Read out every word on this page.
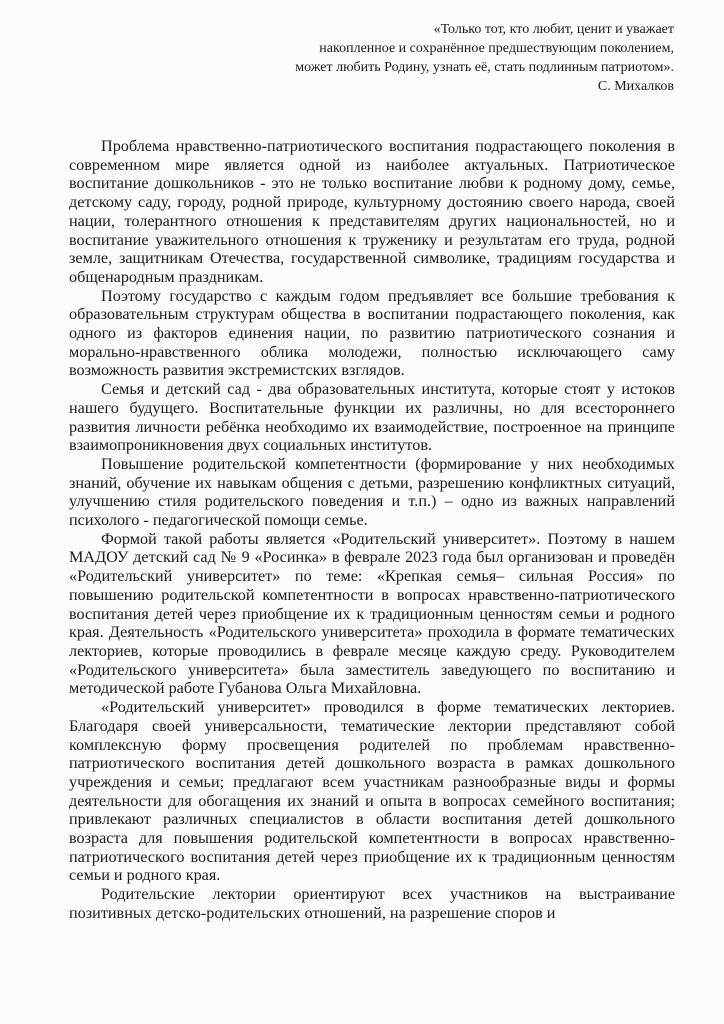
«Только тот, кто любит, ценит и уважает
накопленное и сохранённое предшествующим поколением,
может любить Родину, узнать её, стать подлинным патриотом».
С. Михалков

Проблема нравственно-патриотического воспитания подрастающего поколения в современном мире является одной из наиболее актуальных. Патриотическое воспитание дошкольников - это не только воспитание любви к родному дому, семье, детскому саду, городу, родной природе, культурному достоянию своего народа, своей нации, толерантного отношения к представителям других национальностей, но и воспитание уважительного отношения к труженику и результатам его труда, родной земле, защитникам Отечества, государственной символике, традициям государства и общенародным праздникам.

Поэтому государство с каждым годом предъявляет все большие требования к образовательным структурам общества в воспитании подрастающего поколения, как одного из факторов единения нации, по развитию патриотического сознания и морально-нравственного облика молодежи, полностью исключающего саму возможность развития экстремистских взглядов.

Семья и детский сад - два образовательных института, которые стоят у истоков нашего будущего. Воспитательные функции их различны, но для всестороннего развития личности ребёнка необходимо их взаимодействие, построенное на принципе взаимопроникновения двух социальных институтов.

Повышение родительской компетентности (формирование у них необходимых знаний, обучение их навыкам общения с детьми, разрешению конфликтных ситуаций, улучшению стиля родительского поведения и т.п.) – одно из важных направлений психолого - педагогической помощи семье.

Формой такой работы является «Родительский университет». Поэтому в нашем МАДОУ детский сад № 9 «Росинка» в феврале 2023 года был организован и проведён «Родительский университет» по теме: «Крепкая семья– сильная Россия» по повышению родительской компетентности в вопросах нравственно-патриотического воспитания детей через приобщение их к традиционным ценностям семьи и родного края. Деятельность «Родительского университета» проходила в формате тематических лекториев, которые проводились в феврале месяце каждую среду. Руководителем «Родительского университета» была заместитель заведующего по воспитанию и методической работе Губанова Ольга Михайловна.

«Родительский университет» проводился в форме тематических лекториев. Благодаря своей универсальности, тематические лектории представляют собой комплексную форму просвещения родителей по проблемам нравственно-патриотического воспитания детей дошкольного возраста в рамках дошкольного учреждения и семьи; предлагают всем участникам разнообразные виды и формы деятельности для обогащения их знаний и опыта в вопросах семейного воспитания; привлекают различных специалистов в области воспитания детей дошкольного возраста для повышения родительской компетентности в вопросах нравственно-патриотического воспитания детей через приобщение их к традиционным ценностям семьи и родного края.

Родительские лектории ориентируют всех участников на выстраивание позитивных детско-родительских отношений, на разрешение споров и
